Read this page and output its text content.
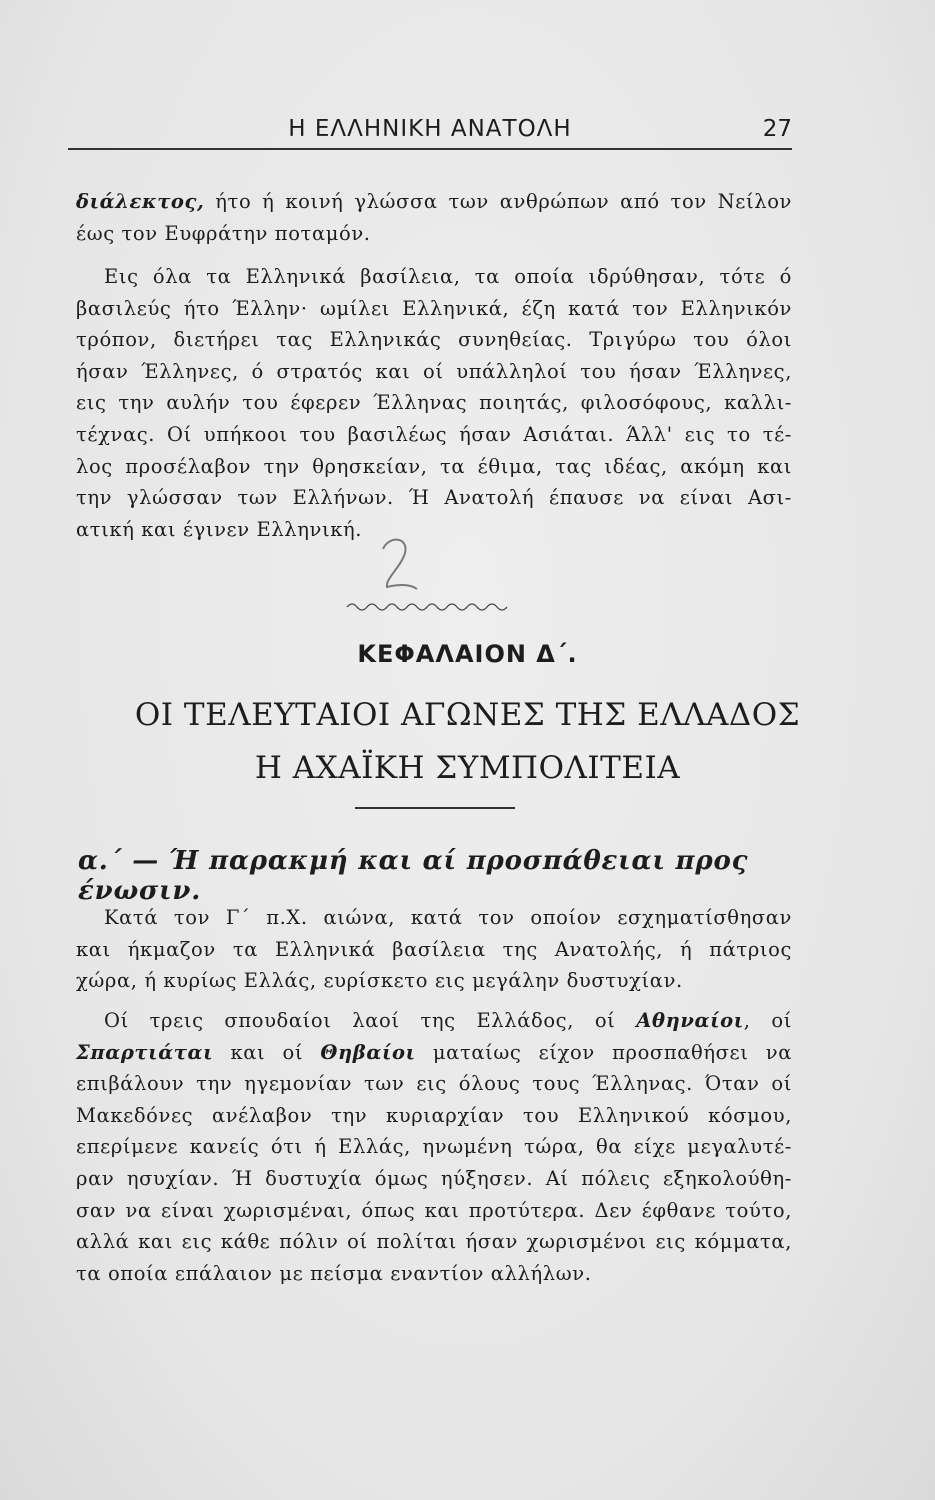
Η ΕΛΛΗΝΙΚΗ ΑΝΑΤΟΛΗ	27
διάλεκτος, ήτο ή κοινή γλώσσα των ανθρώπων από τον Νείλον
έως τον Ευφράτην ποταμόν.
Εις όλα τα Ελληνικά βασίλεια, τα οποία ιδρύθησαν, τότε ό
βασιλεύς ήτο Έλλην· ωμίλει Ελληνικά, έζη κατά τον Ελληνικόν
τρόπον, διετήρει τας Ελληνικάς συνηθείας. Τριγύρω του όλοι
ήσαν Έλληνες, ό στρατός και οί υπάλληλοί του ήσαν Έλληνες,
εις την αυλήν του έφερεν Έλληνας ποιητάς, φιλοσόφους, καλλι-
τέχνας. Οί υπήκοοι του βασιλέως ήσαν Ασιάται. Άλλ' εις το τέ-
λος προσέλαβον την θρησκείαν, τα έθιμα, τας ιδέας, ακόμη και
την γλώσσαν των Ελλήνων. Ή Ανατολή έπαυσε να είναι Ασι-
ατική και έγινεν Ελληνική.
ΚΕΦΑΛΑΙΟΝ Δ΄.
ΟΙ ΤΕΛΕΥΤΑΙΟΙ ΑΓΩΝΕΣ ΤΗΣ ΕΛΛΑΔΟΣ
Η ΑΧΑΪΚΗ ΣΥΜΠΟΛΙΤΕΙΑ
α.΄ — Ή παρακμή και αί προσπάθειαι προς ένωσιν.
Κατά τον Γ΄ π.Χ. αιώνα, κατά τον οποίον εσχηματίσθησαν
και ήκμαζον τα Ελληνικά βασίλεια της Ανατολής, ή πάτριος
χώρα, ή κυρίως Ελλάς, ευρίσκετο εις μεγάλην δυστυχίαν.
Οί τρεις σπουδαίοι λαοί της Ελλάδος, οί Αθηναίοι, οί
Σπαρτιάται και οί Θηβαίοι ματαίως είχον προσπαθήσει να
επιβάλουν την ηγεμονίαν των εις όλους τους Έλληνας. Όταν οί
Μακεδόνες ανέλαβον την κυριαρχίαν του Ελληνικού κόσμου,
επερίμενε κανείς ότι ή Ελλάς, ηνωμένη τώρα, θα είχε μεγαλυτέ-
ραν ησυχίαν. Ή δυστυχία όμως ηύξησεν. Αί πόλεις εξηκολούθη-
σαν να είναι χωρισμέναι, όπως και προτύτερα. Δεν έφθανε τούτο,
αλλά και εις κάθε πόλιν οί πολίται ήσαν χωρισμένοι εις κόμματα,
τα οποία επάλαιον με πείσμα εναντίον αλλήλων.
